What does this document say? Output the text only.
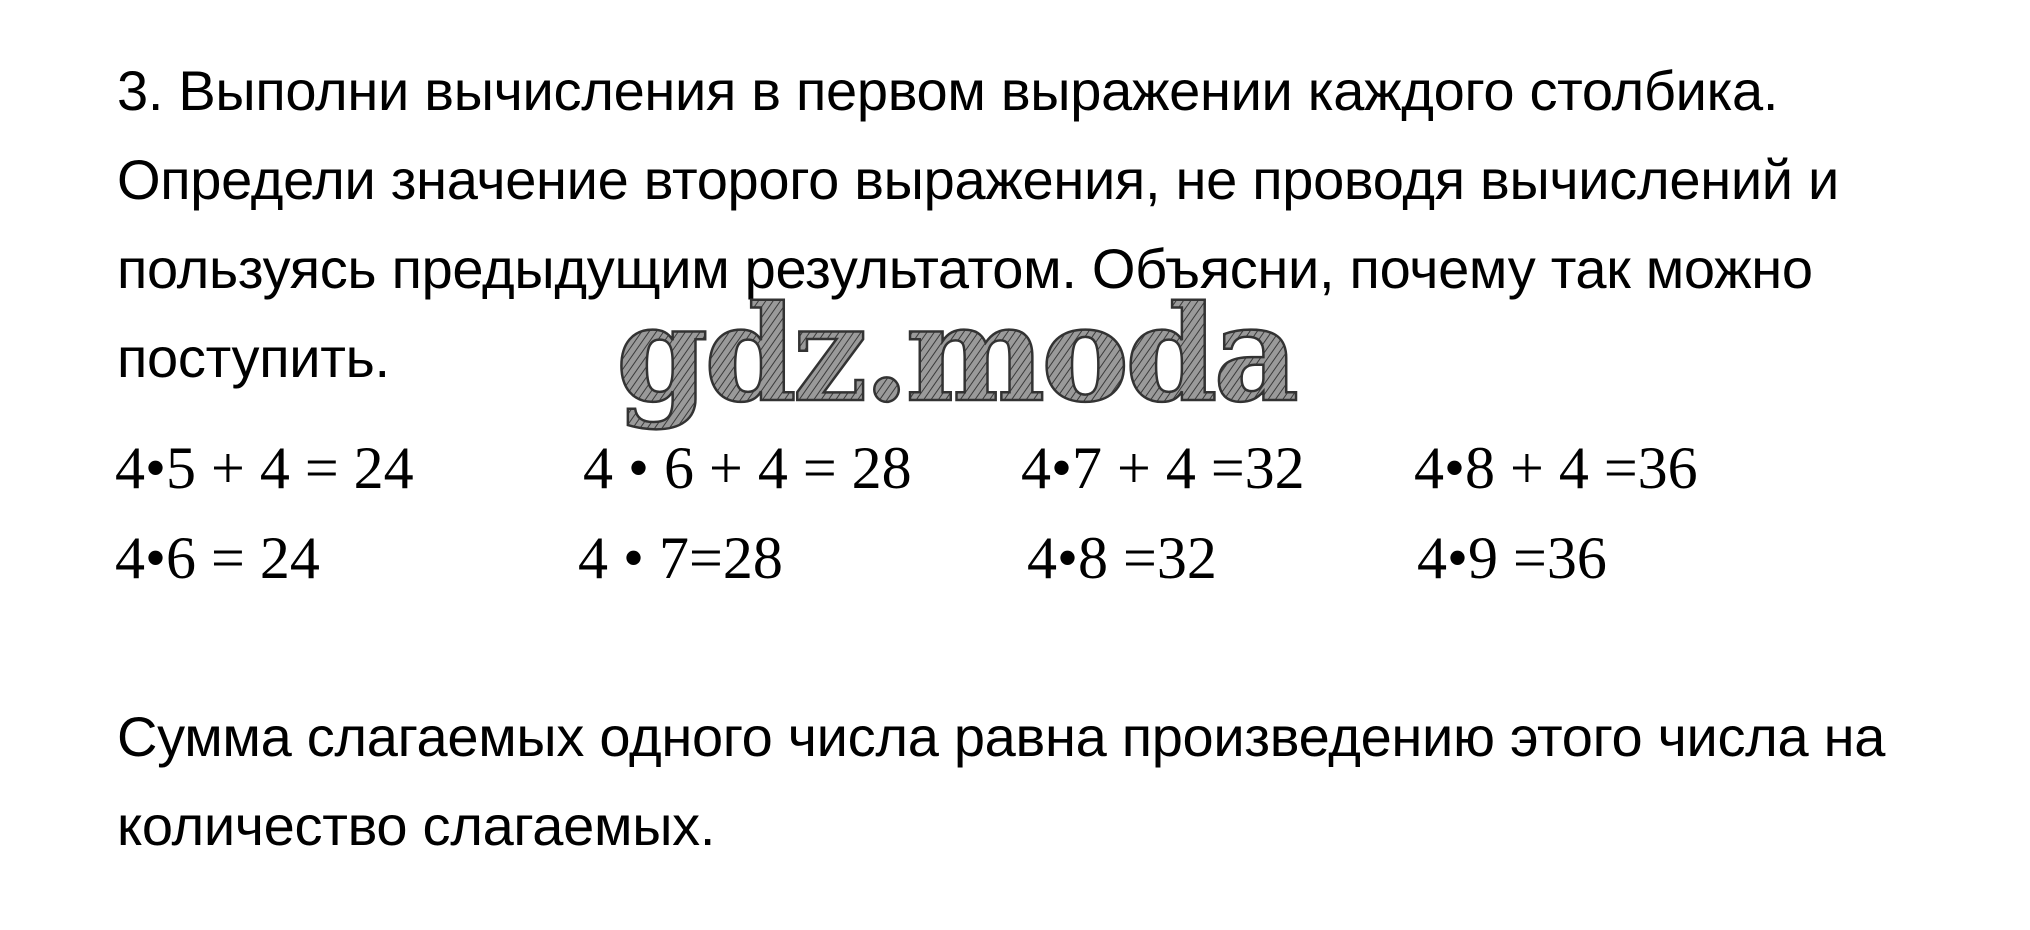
3. Выполни вычисления в первом выражении каждого столбика.
Определи значение второго выражения, не проводя вычислений и
пользуясь предыдущим результатом. Объясни, почему так можно
поступить.	gdz.moda
4•5 + 4 = 24	4 • 6 + 4 = 28 4•7 + 4 =32 4•8 + 4 =36
4•6 = 24	4 • 7=28	4•8 =32	4•9 =36
Сумма слагаемых одного числа равна произведению этого числа на
количество слагаемых.
